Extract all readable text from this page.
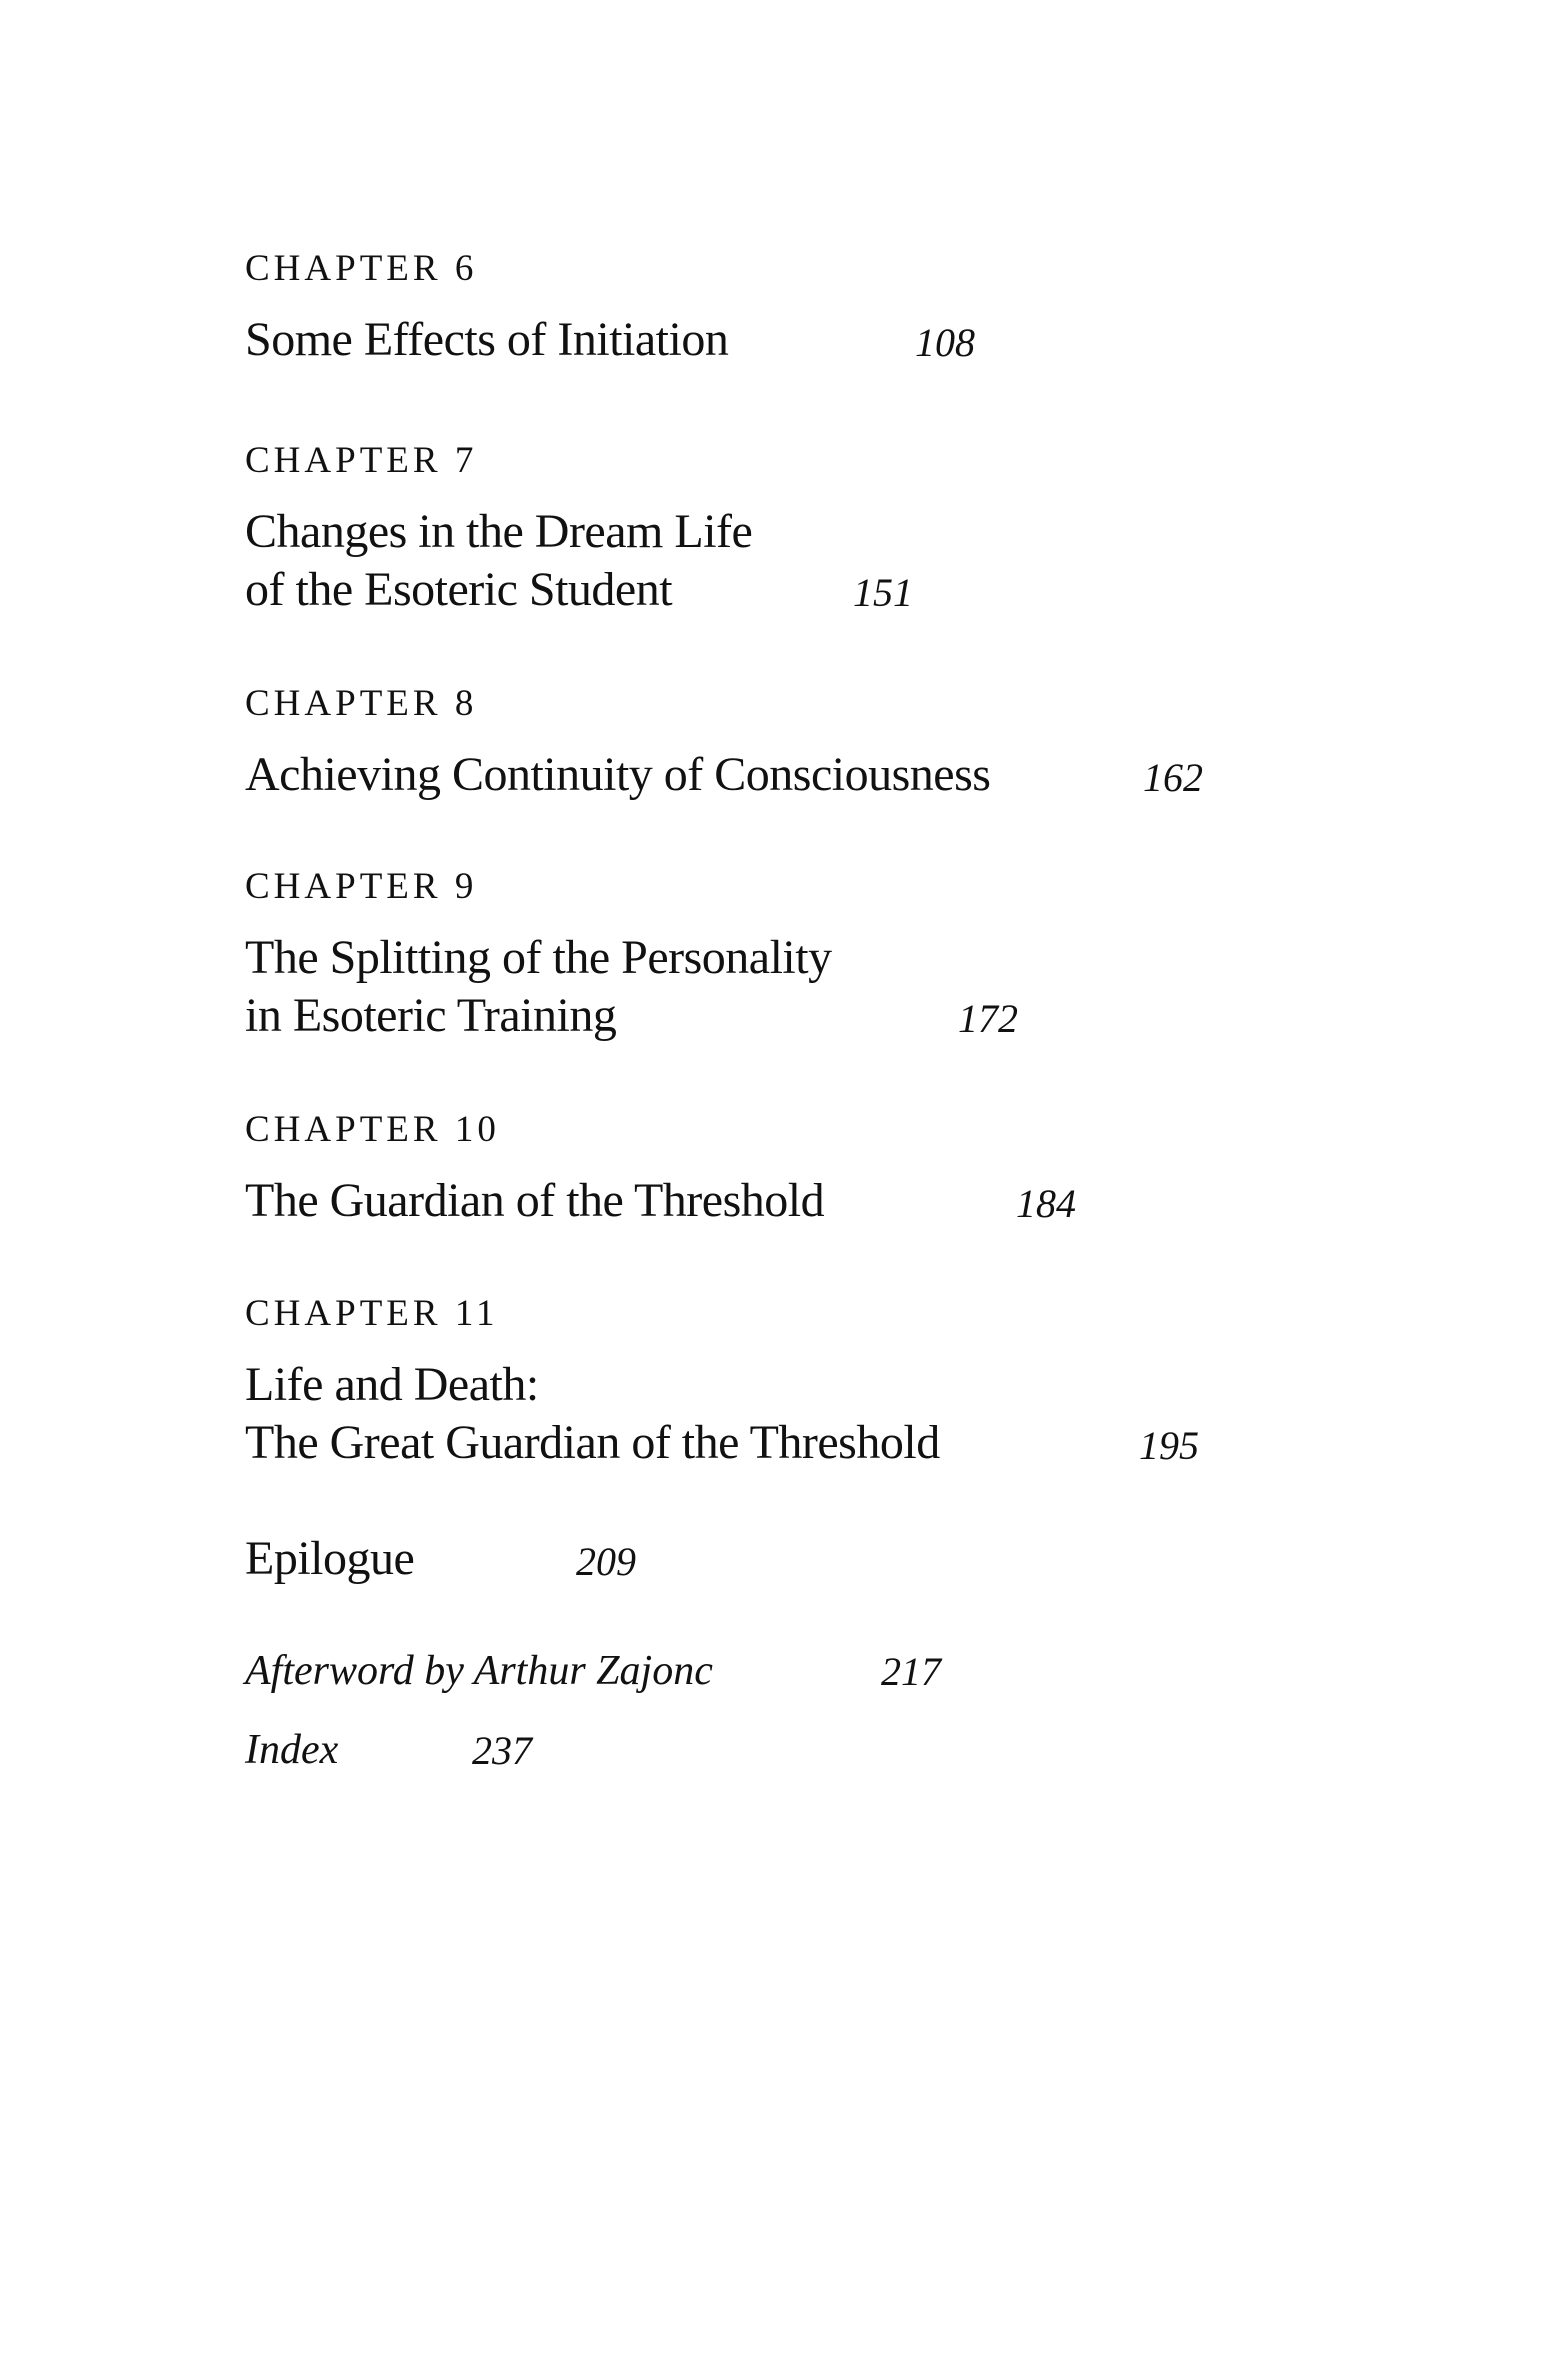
CHAPTER 6
Some Effects of Initiation	108
CHAPTER 7
Changes in the Dream Life
of the Esoteric Student	151
CHAPTER 8
Achieving Continuity of Consciousness	162
CHAPTER 9
The Splitting of the Personality
in Esoteric Training	172
CHAPTER 10
The Guardian of the Threshold	184
CHAPTER 11
Life and Death:
The Great Guardian of the Threshold	195
Epilogue	209
Afterword by Arthur Zajonc	217
Index	237
